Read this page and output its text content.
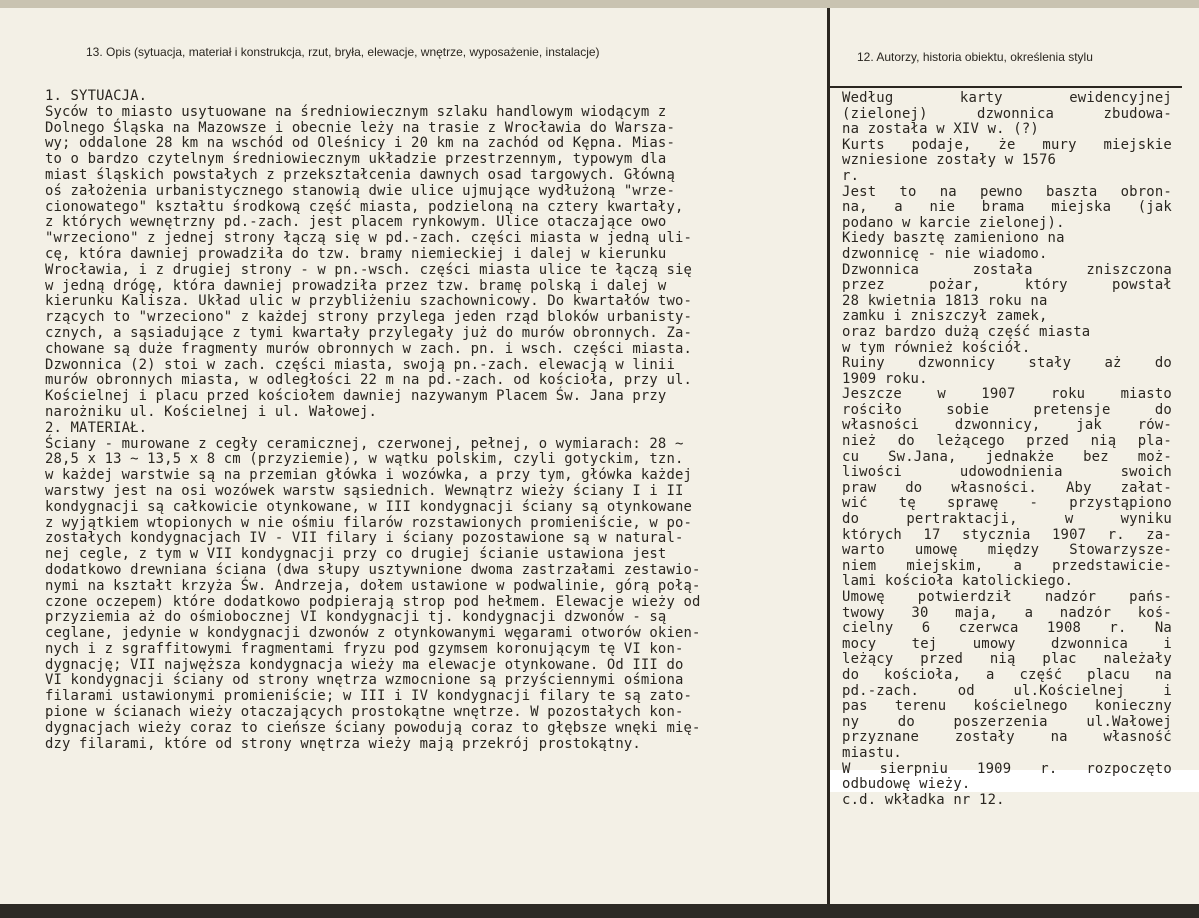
13. Opis (sytuacja, materiał i konstrukcja, rzut, bryła, elewacje, wnętrze, wyposażenie, instalacje)	12. Autorzy, historia obiektu, określenia stylu
1. SYTUACJA.
Syców to miasto usytuowane na średniowiecznym szlaku handlowym wiodącym z
Dolnego Śląska na Mazowsze i obecnie leży na trasie z Wrocławia do Warsza-
wy; oddalone 28 km na wschód od Oleśnicy i 20 km na zachód od Kępna. Mias-
to o bardzo czytelnym średniowiecznym układzie przestrzennym, typowym dla
miast śląskich powstałych z przekształcenia dawnych osad targowych. Główną
oś założenia urbanistycznego stanowią dwie ulice ujmujące wydłużoną "wrze-
cionowatego" kształtu środkową część miasta, podzieloną na cztery kwartały,
z których wewnętrzny pd.-zach. jest placem rynkowym. Ulice otaczające owo
"wrzeciono" z jednej strony łączą się w pd.-zach. części miasta w jedną uli-
cę, która dawniej prowadziła do tzw. bramy niemieckiej i dalej w kierunku
Wrocławia, i z drugiej strony - w pn.-wsch. części miasta ulice te łączą się
w jedną drógę, która dawniej prowadziła przez tzw. bramę polską i dalej w
kierunku Kalisza. Układ ulic w przybliżeniu szachownicowy. Do kwartałów two-
rzących to "wrzeciono" z każdej strony przylega jeden rząd bloków urbanisty-
cznych, a sąsiadujące z tymi kwartały przylegały już do murów obronnych. Za-
chowane są duże fragmenty murów obronnych w zach. pn. i wsch. części miasta.
Dzwonnica (2) stoi w zach. części miasta, swoją pn.-zach. elewacją w linii
murów obronnych miasta, w odległości 22 m na pd.-zach. od kościoła, przy ul.
Kościelnej i placu przed kościołem dawniej nazywanym Placem Św. Jana przy
narożniku ul. Kościelnej i ul. Wałowej.
2. MATERIAŁ.
Ściany - murowane z cegły ceramicznej, czerwonej, pełnej, o wymiarach: 28 ~
28,5 x 13 ~ 13,5 x 8 cm (przyziemie), w wątku polskim, czyli gotyckim, tzn.
w każdej warstwie są na przemian główka i wozówka, a przy tym, główka każdej
warstwy jest na osi wozówek warstw sąsiednich. Wewnątrz wieży ściany I i II
kondygnacji są całkowicie otynkowane, w III kondygnacji ściany są otynkowane
z wyjątkiem wtopionych w nie ośmiu filarów rozstawionych promieniście, w po-
zostałych kondygnacjach IV - VII filary i ściany pozostawione są w natural-
nej cegle, z tym w VII kondygnacji przy co drugiej ścianie ustawiona jest
dodatkowo drewniana ściana (dwa słupy usztywnione dwoma zastrzałami zestawio-
nymi na kształt krzyża Św. Andrzeja, dołem ustawione w podwalinie, górą połą-
czone oczepem) które dodatkowo podpierają strop pod hełmem. Elewacje wieży od
przyziemia aż do ośmiobocznej VI kondygnacji tj. kondygnacji dzwonów - są
ceglane, jedynie w kondygnacji dzwonów z otynkowanymi węgarami otworów okien-
nych i z sgraffitowymi fragmentami fryzu pod gzymsem koronującym tę VI kon-
dygnację; VII najwęższa kondygnacja wieży ma elewacje otynkowane. Od III do
VI kondygnacji ściany od strony wnętrza wzmocnione są przyściennymi ośmiona
filarami ustawionymi promieniście; w III i IV kondygnacji filary te są zato-
pione w ścianach wieży otaczających prostokątne wnętrze. W pozostałych kon-
dygnacjach wieży coraz to cieńsze ściany powodują coraz to głębsze wnęki mię-
dzy filarami, które od strony wnętrza wieży mają przekrój prostokątny.
Według karty ewidencyjnej
(zielonej) dzwonnica zbudowa-
na została w XIV w. (?)
Kurts podaje, że mury miejskie
wzniesione zostały w 1576
r.
Jest to na pewno baszta obron-
na, a nie brama miejska (jak
podano w karcie zielonej).
Kiedy basztę zamieniono na
dzwonnicę - nie wiadomo.
Dzwonnica została zniszczona
przez pożar, który powstał
28 kwietnia 1813 roku na
zamku i zniszczył zamek,
oraz bardzo dużą część miasta
w tym również kościół.
Ruiny dzwonnicy stały aż do
1909 roku.
Jeszcze w 1907 roku miasto
rościło sobie pretensje do
własności dzwonnicy, jak rów-
nież do leżącego przed nią pla-
cu Św.Jana, jednakże bez moż-
liwości udowodnienia swoich
praw do własności. Aby załat-
wić tę sprawę - przystąpiono
do pertraktacji, w wyniku
których 17 stycznia 1907 r. za-
warto umowę między Stowarzysze-
niem miejskim, a przedstawicie-
lami kościoła katolickiego.
Umowę potwierdził nadzór pańs-
twowy 30 maja, a nadzór koś-
cielny 6 czerwca 1908 r. Na
mocy tej umowy dzwonnica i
leżący przed nią plac należały
do kościoła, a część placu na
pd.-zach. od ul.Kościelnej i
pas terenu kościelnego konieczny
ny do poszerzenia ul.Wałowej
przyznane zostały na własność
miastu.
W sierpniu 1909 r. rozpoczęto
odbudowę wieży.
c.d. wkładka nr 12.
